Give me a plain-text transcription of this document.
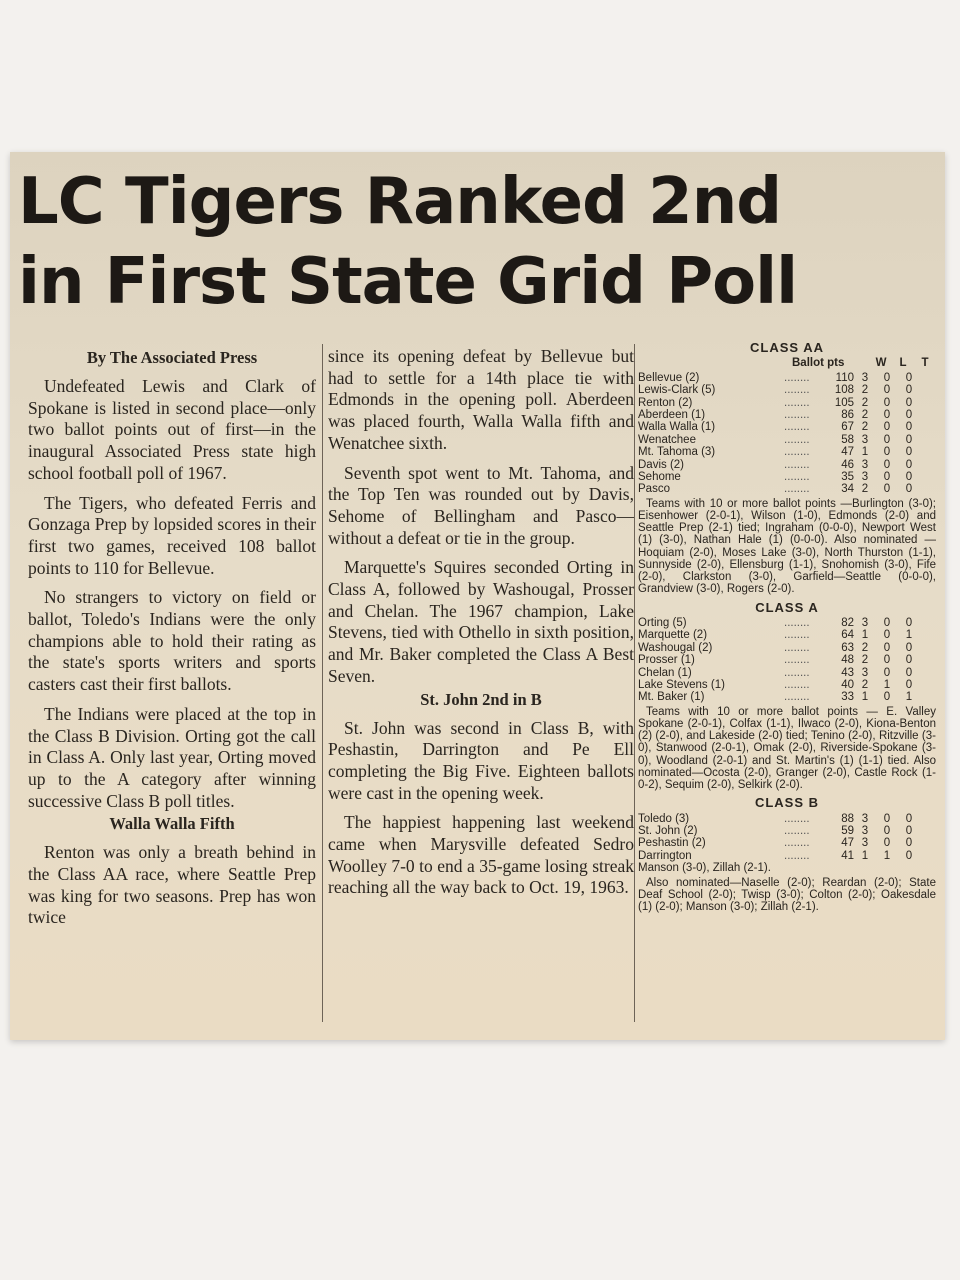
LC Tigers Ranked 2nd
in First State Grid Poll

By The Associated Press

Undefeated Lewis and Clark of Spokane is listed in second place—only two ballot points out of first—in the inaugural Associated Press state high school football poll of 1967.

The Tigers, who defeated Ferris and Gonzaga Prep by lopsided scores in their first two games, received 108 ballot points to 110 for Bellevue.

No strangers to victory on field or ballot, Toledo's Indians were the only champions able to hold their rating as the state's sports writers and sports casters cast their first ballots.

The Indians were placed at the top in the Class B Division. Orting got the call in Class A. Only last year, Orting moved up to the A category after winning successive Class B poll titles.

Walla Walla Fifth

Renton was only a breath behind in the Class AA race, where Seattle Prep was king for two seasons. Prep has won twice

since its opening defeat by Bellevue but had to settle for a 14th place tie with Edmonds in the opening poll. Aberdeen was placed fourth, Walla Walla fifth and Wenatchee sixth.

Seventh spot went to Mt. Tahoma, and the Top Ten was rounded out by Davis, Sehome of Bellingham and Pasco—without a defeat or tie in the group.

Marquette's Squires seconded Orting in Class A, followed by Washougal, Prosser and Chelan. The 1967 champion, Lake Stevens, tied with Othello in sixth position, and Mr. Baker completed the Class A Best Seven.

St. John 2nd in B

St. John was second in Class B, with Peshastin, Darrington and Pe Ell completing the Big Five. Eighteen ballots were cast in the opening week.

The happiest happening last weekend came when Marysville defeated Sedro Woolley 7-0 to end a 35-game losing streak reaching all the way back to Oct. 19, 1963.

CLASS AA
Ballot pts	W	L	T
Bellevue (2)	........	110 3	0	0
Lewis-Clark (5)	........	108 2	0	0
Renton (2)	........	105 2	0	0
Aberdeen (1)	........	86 2	0	0
Walla Walla (1)	........	67 2	0	0
Wenatchee	........	58 3	0	0
Mt. Tahoma (3)	........	47 1	0	0
Davis (2)	........	46 3	0	0
Sehome	........	35 3	0	0
Pasco	........	34 2	0	0

Teams with 10 or more ballot points —Burlington (3-0); Eisenhower (2-0-1), Wilson (1-0), Edmonds (2-0) and Seattle Prep (2-1) tied; Ingraham (0-0-0), Newport West (1) (3-0), Nathan Hale (1) (0-0-0). Also nominated — Hoquiam (2-0), Moses Lake (3-0), North Thurston (1-1), Sunnyside (2-0), Ellensburg (1-1), Snohomish (3-0), Fife (2-0), Clarkston (3-0), Garfield—Seattle (0-0-0), Grandview (3-0), Rogers (2-0).

CLASS A
Orting (5)	........	82 3	0	0
Marquette (2)	........	64 1	0	1
Washougal (2)	........	63 2	0	0
Prosser (1)	........	48 2	0	0
Chelan (1)	........	43 3	0	0
Lake Stevens (1)	........	40 2	1	0
Mt. Baker (1)	........	33 1	0	1

Teams with 10 or more ballot points — E. Valley Spokane (2-0-1), Colfax (1-1), Ilwaco (2-0), Kiona-Benton (2) (2-0), and Lakeside (2-0) tied; Tenino (2-0), Ritzville (3-0), Stanwood (2-0-1), Omak (2-0), Riverside-Spokane (3-0), Woodland (2-0-1) and St. Martin's (1) (1-1) tied. Also nominated—Ocosta (2-0), Granger (2-0), Castle Rock (1-0-2), Sequim (2-0), Selkirk (2-0).

CLASS B
Toledo (3)	........	88 3	0	0
St. John (2)	........	59 3	0	0
Peshastin (2)	........	47 3	0	0
Darrington	........	41 1	1	0
Manson (3-0), Zillah (2-1).

Also nominated—Naselle (2-0); Reardan (2-0); State Deaf School (2-0); Twisp (3-0); Colton (2-0); Oakesdale (1) (2-0); Manson (3-0); Zillah (2-1).
